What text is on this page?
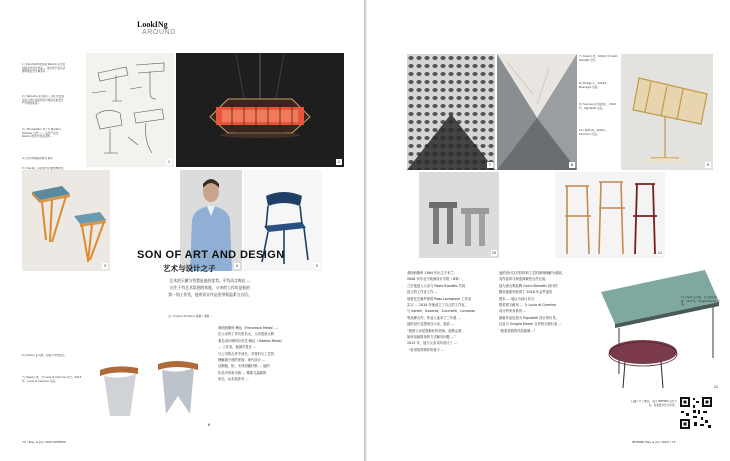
LookINg
AROUND
1 | Zucchetti 的包括 Kosmo 系列在内的众多设计作品 — 他出的产品从初期草图在设计事务所 …
2 | Spherica 系列吊灯…我们与安泰克的合作让他们的设计理念在批量生产中得到实现…
3 | 'Tre Gambe' 凳子与 Martino Gamper 合作 —— 这些产品让 Kosmo 的设计语言延伸 …
4 | 设计师弗朗西斯科·梅达
5 | Cup 椅，以铝管为主要结构材料，
1	2
3	4	5
SON OF ART AND DESIGN
艺术与设计之子
艺术的天赋与智慧是他的优势。平均而言梅达 …
出生于有艺术氛围的家庭，父亲的工作坊是他的
第一间工作室，他的设计作品里带着温柔与自信。
文 / Virginio Briatore 编辑 / 电脑 …
弗朗西斯科·梅达（Francesco Meda）…
在父亲的工作坊里长大，父亲是意大利
著名设计师阿尔贝托·梅达（Alberto Meda）
… 工作室，他最早是在 …
与公司的合作中成长，对材料与工艺的
理解源于他的家族：现代设计 …
从钢板、铝、木材到碳纤维 … 他的
作品中常常出现 … 精准又温暖的
形态，从未放弃对 …
6
6 | Kosmo 系列凳，铝板与木材结合。
7 | Pigeon 凳，为 Lucie di Carmine 设计，2014年，Lucie di Carmine 出品。
74 / May & Jun 2020 INTERNI
7	8
7 | Kosmo 凳，2014年为 Caimi Brevetti 设计。
8 | Bridge 灯，2016年，Mascagni 出品。
9 | Sunrise 系列落地灯，2019年，Pignatelli 出品。
10 | Split 椅，2016年，Cimmino 出品。
9
10	11
弗朗西斯科 1984 年出生于米兰，
2006 年毕业于欧洲设计学院（IED），
之后他进入父亲与 Paolo Rizzatto 共同
创立的工作室工作 …
他曾在巴塞罗那的 Ross Lovegrove 工作室
实习 … 2010 年他成立了自己的工作室，
与 Kartell、Kvadrat、Zucchetti、Luceplan
等品牌合作，作品入选米兰三年展 …
他的设计灵感来自父亲，他说 …
“我的父亲是我最好的老师，他教会我
如何用最简单的方式解决问题 …”
2013 年，他与父亲共同设计了 …
一张用铝材制作的桌子 …
他的设计以对材料和工艺的深刻理解为基础，
其作品常与制造商紧密合作完成。
他为意大利品牌 Caimi Brevetti 设计的
隔音板系列获得了 2016 年金罗盘奖
提名 … 他认为设计应当
既美观又耐用 … 为 Lucie di Carmine
设计的家具系列 …
最新作品包括为 Pignatelli 设计的灯具，
以及与 Scaglia Marmi 合作的大理石桌 …
“我希望我的作品能够…”
12
11 | Split 系列桌，以大理石拼接，2017年，Scaglia Marmi 出品。
扫描下方二维码，关注 INTERNI 官方平台，查看更多设计资讯。
INTERNI May & Jun 2020 / 75
